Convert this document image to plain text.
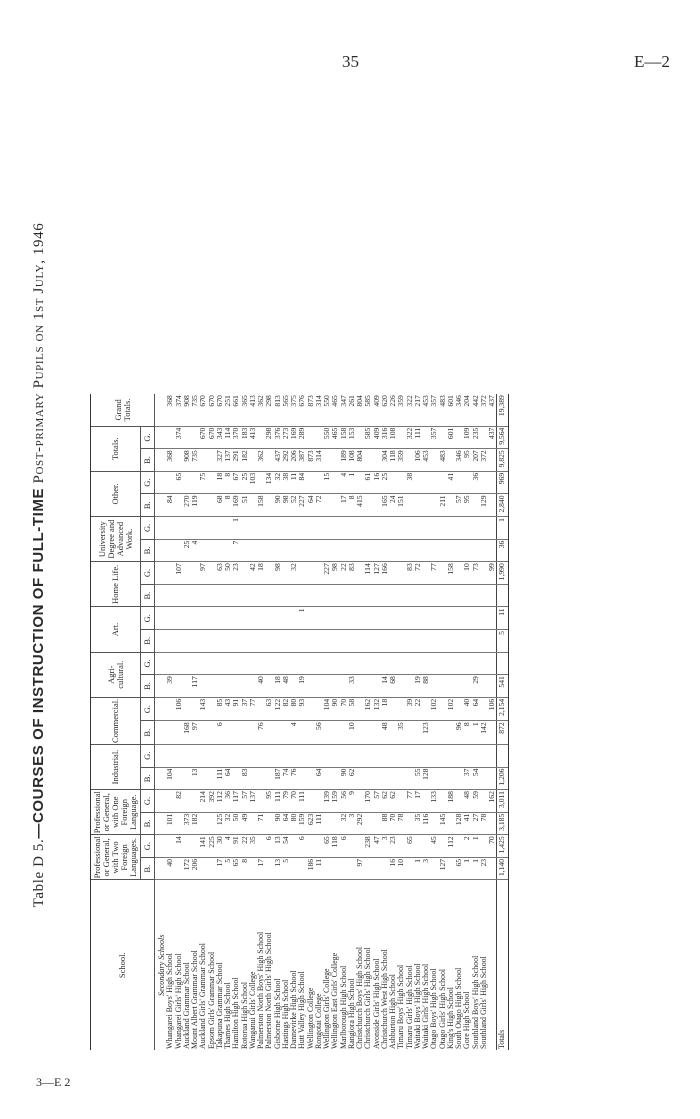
35	E—2
Table D 5.—COURSES OF INSTRUCTION OF FULL-TIME Post-primary Pupils on 1st July, 1946
School.	Professional or General, with Two Foreign Languages.		Professional or General, with One Foreign Language.		Industrial.		Commercial.		Agri-cultural.		Art.		Home Life.		University Degree and Advanced Work.		Other.		Totals.		Grand Totals.
	B.	G.	B.	G.	B.	G.	B.	G.	B.	G.	B.	G.	B.	G.	B.	G.	B.	G.	B.	G.	
Secondary Schools																					
Whangarei Boys' High School	40		101		104				39								84		368		368
Whangarei Girls' High School		14		82				106						107				65		374	374
Auckland Grammar School	172		373				168								25		270		908		908
Mount Albert Grammar School	206		182		13		97		117						4		119		735		735
Auckland Girls' Grammar School		141		214				143						97				75		670	670
Epsom Girls' Grammar School		225		392																670	670
Takapuna Grammar School	17	30	125	112	111		6	85						63			68	18	327	343	670
Thames High School	5	4	32	36	64			43						50			8	8	137	114	251
Hamilton High School	65	91	50	117				91						23	7	1	169	67	291	370	661
Rotorua High School	8	22	49	57	83			37									51	25	182	183	365
Wanganui Girls' College		35		137				77						42				103		413	413
Palmerston North Boys' High School	17		71				76		40					18			158		362		362
Palmerston North Girls' High School		6		95				63										134		298	298
Gisborne High School	13	13	90	111	187			122	18					98			90	32	437	376	813
Hastings High School	5	54	64	79	74			82	48								98	38	292	273	565
Dannevirke High School			80	70	76		4	80						32			52	11	206	169	375
Hutt Valley High School		6	159	111				93	19			1					227	84	387	289	676
Wellington College	186		623														64		873		873
Rongotai College	11		111		64		56										72		314		314
Wellington Girls' College		65		139				104						227				15		550	550
Wellington East Girls' College		118		159				90						98						465	465
Marlborough High School		6	32	56	90			70						22			17	4	189	158	347
Rangiora High School			3	9	62		10	58	33					83			8	1	108	153	261
Christchurch Boys' High School	97		292														415		804		804
Christchurch Girls' High School		238		170				162						114				61		585	585
Avonside Girls' High School		47		57				132						127				16		409	409
Christchurch West High School		3	88	62			48	18	14					166			165	25	304	316	620
Ashburton High School	16	23	70	62					68								24		118	108	226
Timaru Boys' High School	10		78				35										151		359		359
Timaru Girls' High School		65		77				39						83				38		322	322
Waitaki Boys' High School	1		35	17	55			22	19					72					106	111	217
Waitaki Girls' High School	3		116		128		123		88										453		453
Otago Boys' High School		45		133				102						77						357	357
Otago Girls' High School	127		145														211		483		483
King's High School		112		188				102						158				41		601	601
South Otago High School	65		128				96										57		346		346
Gore High School	1	2	41	48	37		8	40						10			95		95	109	204
Southland Boys' High School	1	1	27	59	54		1	64	29					73				36	207	235	442
Southland Girls' High School	23		78				142										129		372		372
		70		162				106						99						437	437
Totals	1,140	1,425	3,185	3,011	1,206		872	2,154	541		5	11		1,990	36	1	2,840	969	9,825	9,564	19,389
3—E 2
